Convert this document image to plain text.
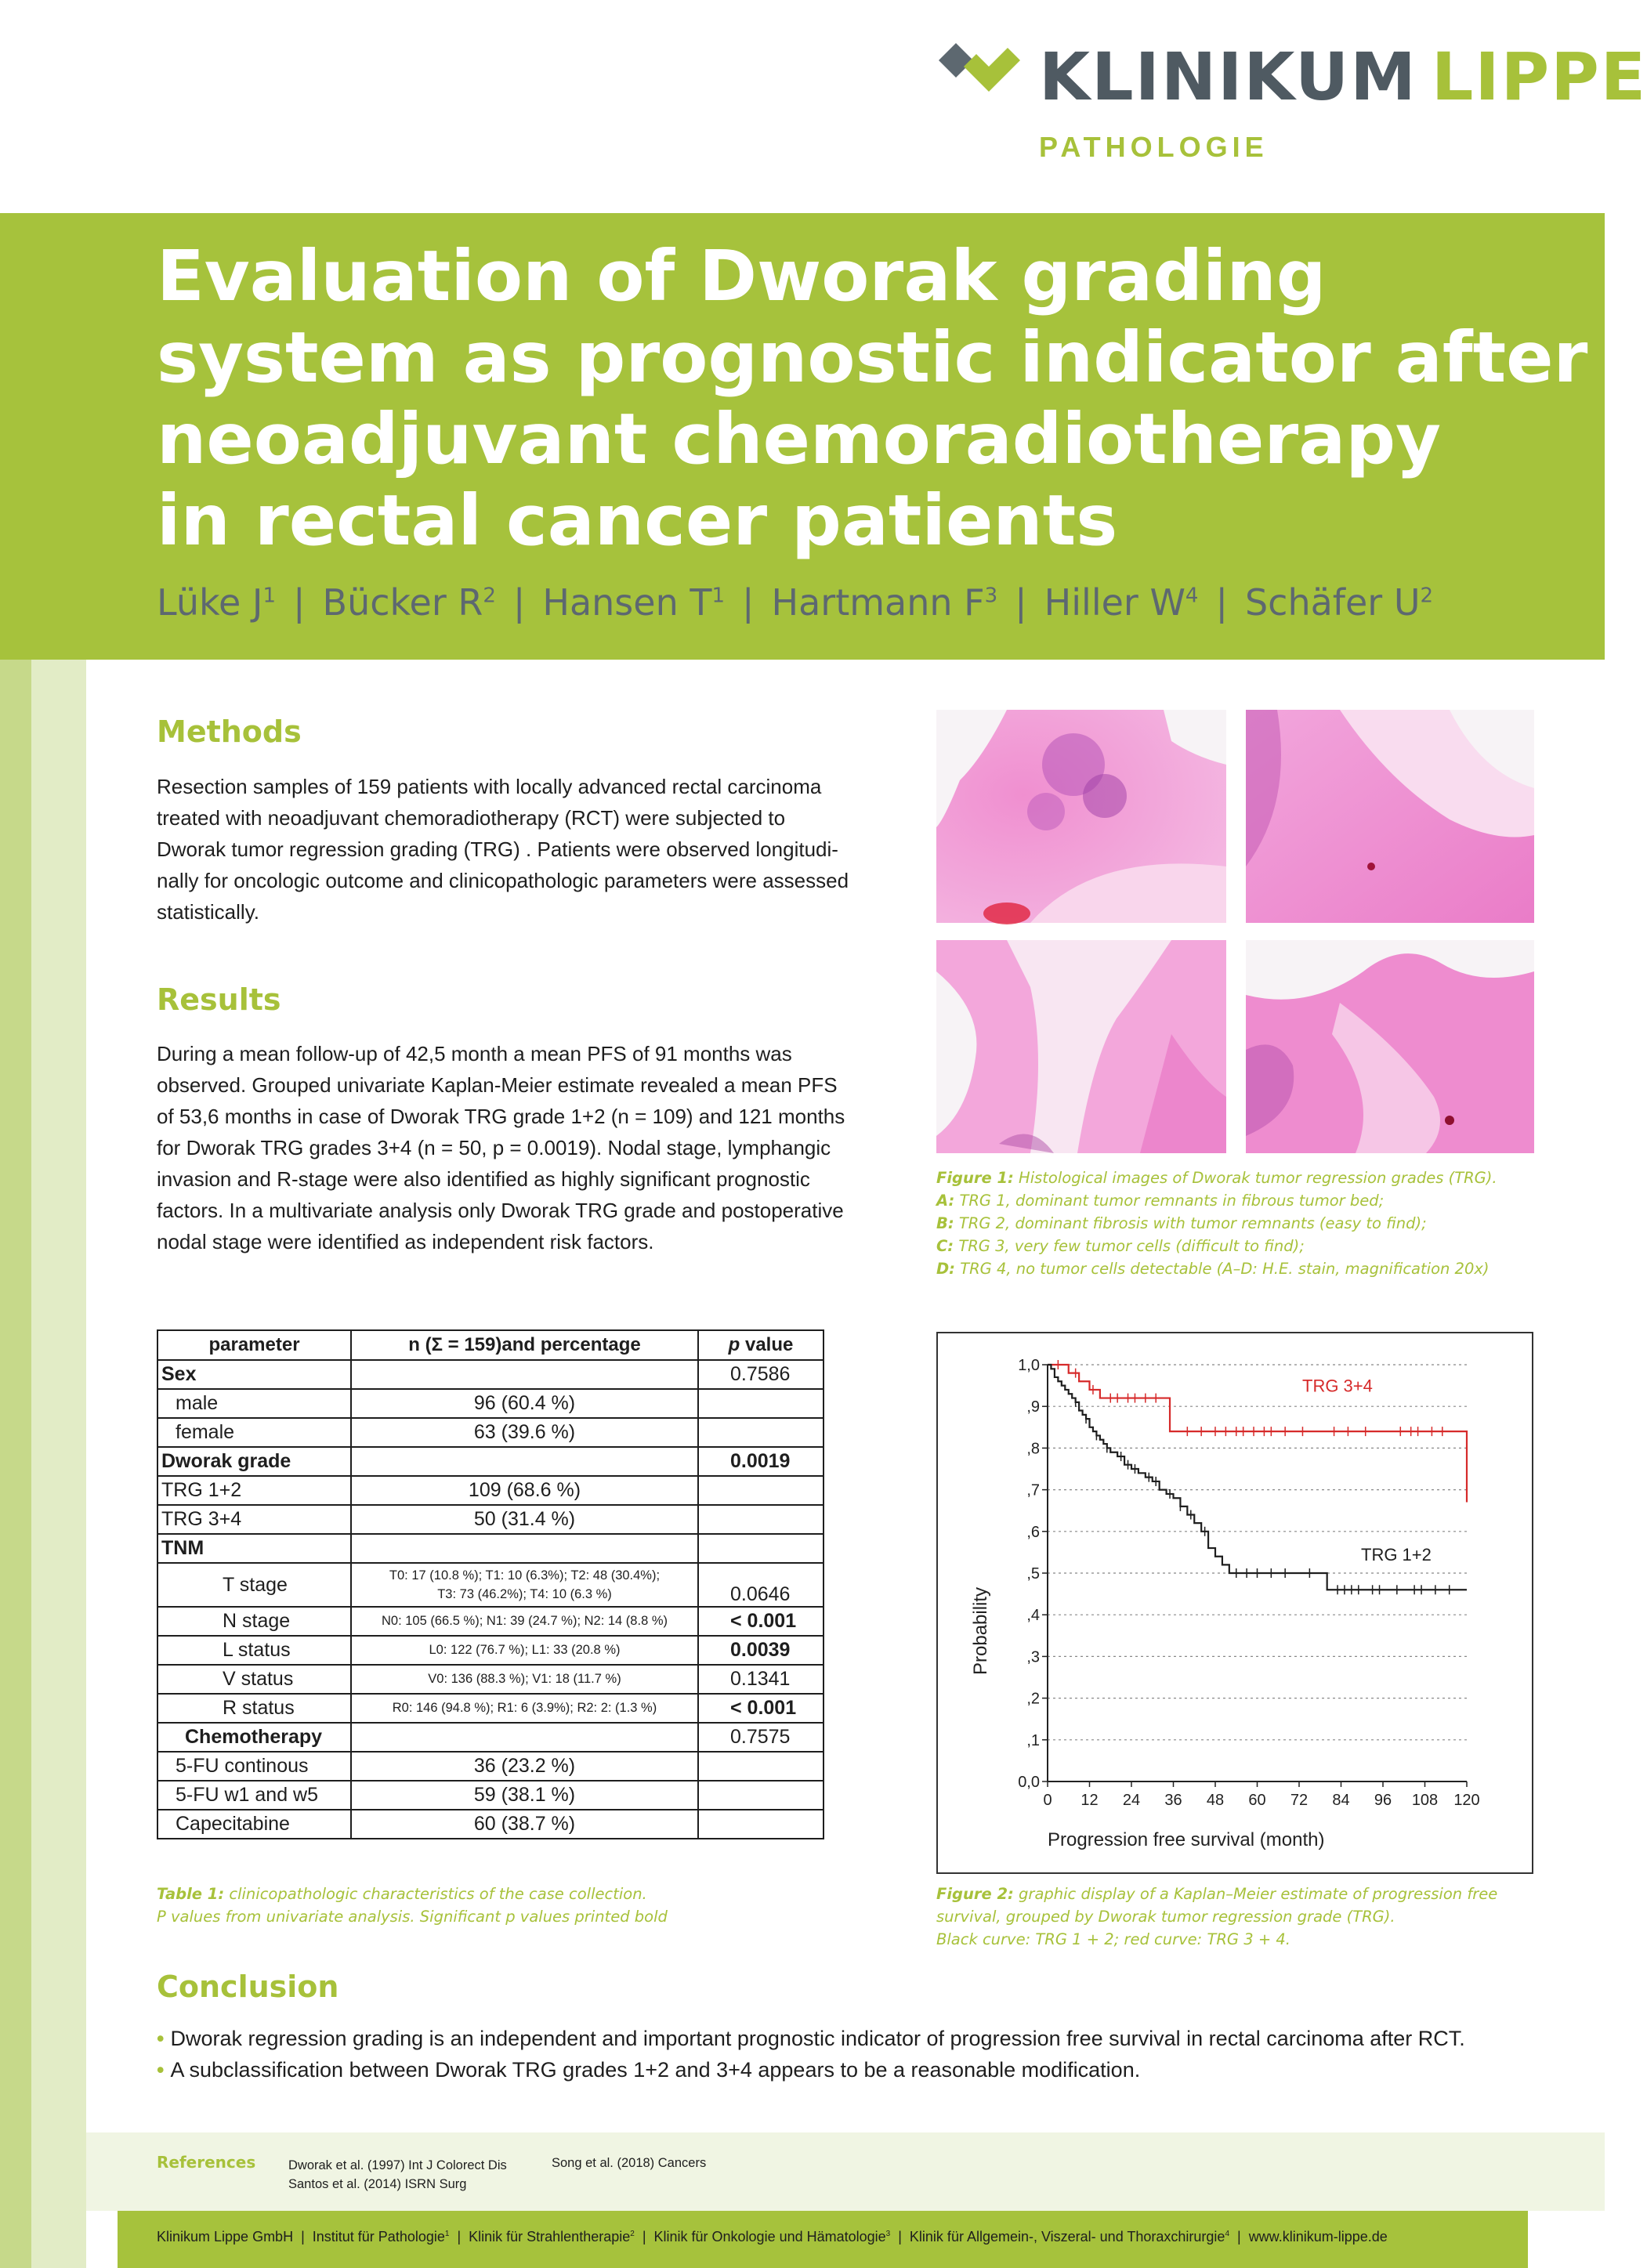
KLINIKUM LIPPE
PATHOLOGIE
Evaluation of Dworak grading
system as prognostic indicator after
neoadjuvant chemoradiotherapy
in rectal cancer patients
Lüke $J^1$ | Bücker $R^2$ | Hansen $T^1$ | Hartmann $F^3$ | Hiller $W^4$ | Schäfer $U^2$
Methods

Resection samples of 159 patients with locally advanced rectal carcinoma
treated with neoadjuvant chemoradiotherapy (RCT) were subjected to
Dworak tumor regression grading (TRG) . Patients were observed longitudi-
nally for oncologic outcome and clinicopathologic parameters were assessed
statistically.

Results

During a mean follow-up of 42,5 month a mean PFS of 91 months was
observed. Grouped univariate Kaplan-Meier estimate revealed a mean PFS
of 53,6 months in case of Dworak TRG grade 1+2 (n = 109) and 121 months
for Dworak TRG grades 3+4 (n = 50, p = 0.0019). Nodal stage, lymphangic
invasion and R-stage were also identified as highly significant prognostic
factors. In a multivariate analysis only Dworak TRG grade and postoperative
nodal stage were identified as independent risk factors.

Figure 1: Histological images of Dworak tumor regression grades (TRG).
A: TRG 1, dominant tumor remnants in fibrous tumor bed;
B: TRG 2, dominant fibrosis with tumor remnants (easy to find);
C: TRG 3, very few tumor cells (difficult to find);
D: TRG 4, no tumor cells detectable (A–D: H.E. stain, magnification 20x)
parameter	n (Σ = 159)and percentage	p value
Sex		0.7586
male	96 (60.4 %)	
female	63 (39.6 %)	
Dworak grade		0.0019
TRG 1+2	109 (68.6 %)	
TRG 3+4	50 (31.4 %)	
TNM		
T stage	T0: 17 (10.8 %); T1: 10 (6.3%); T2: 48 (30.4%);
T3: 73 (46.2%); T4: 10 (6.3 %)	0.0646
N stage	N0: 105 (66.5 %); N1: 39 (24.7 %); N2: 14 (8.8 %)	< 0.001
L status	L0: 122 (76.7 %); L1: 33 (20.8 %)	0.0039
V status	V0: 136 (88.3 %); V1: 18 (11.7 %)	0.1341
R status	R0: 146 (94.8 %); R1: 6 (3.9%); R2: 2: (1.3 %)	< 0.001
Chemotherapy		0.7575
5-FU continous	36 (23.2 %)	
5-FU w1 and w5	59 (38.1 %)	
Capecitabine	60 (38.7 %)	
Table 1: clinicopathologic characteristics of the case collection.
P values from univariate analysis. Significant p values printed bold
0,0
,1
,2
,3
,4
,5
,6
,7
,8
,9
1,0
0 12 24 36 48 60 72 84 96 108 120
Progression free survival (month)
Probability
TRG 3+4
TRG 1+2
Figure 2: graphic display of a Kaplan–Meier estimate of progression free
survival, grouped by Dworak tumor regression grade (TRG).
Black curve: TRG 1 + 2; red curve: TRG 3 + 4.
Conclusion
• Dworak regression grading is an independent and important prognostic indicator of progression free survival in rectal carcinoma after RCT.
• A subclassification between Dworak TRG grades 1+2 and 3+4 appears to be a reasonable modification.
References	Dworak et al. (1997) Int J Colorect Dis
Santos et al. (2014) ISRN Surg
Song et al. (2018) Cancers
Klinikum Lippe GmbH | Institut für Pathologie$^1$ | Klinik für Strahlentherapie$^2$ | Klinik für Onkologie und Hämatologie$^3$ | Klinik für Allgemein-, Viszeral- und Thoraxchirurgie$^4$ | www.klinikum-lippe.de
